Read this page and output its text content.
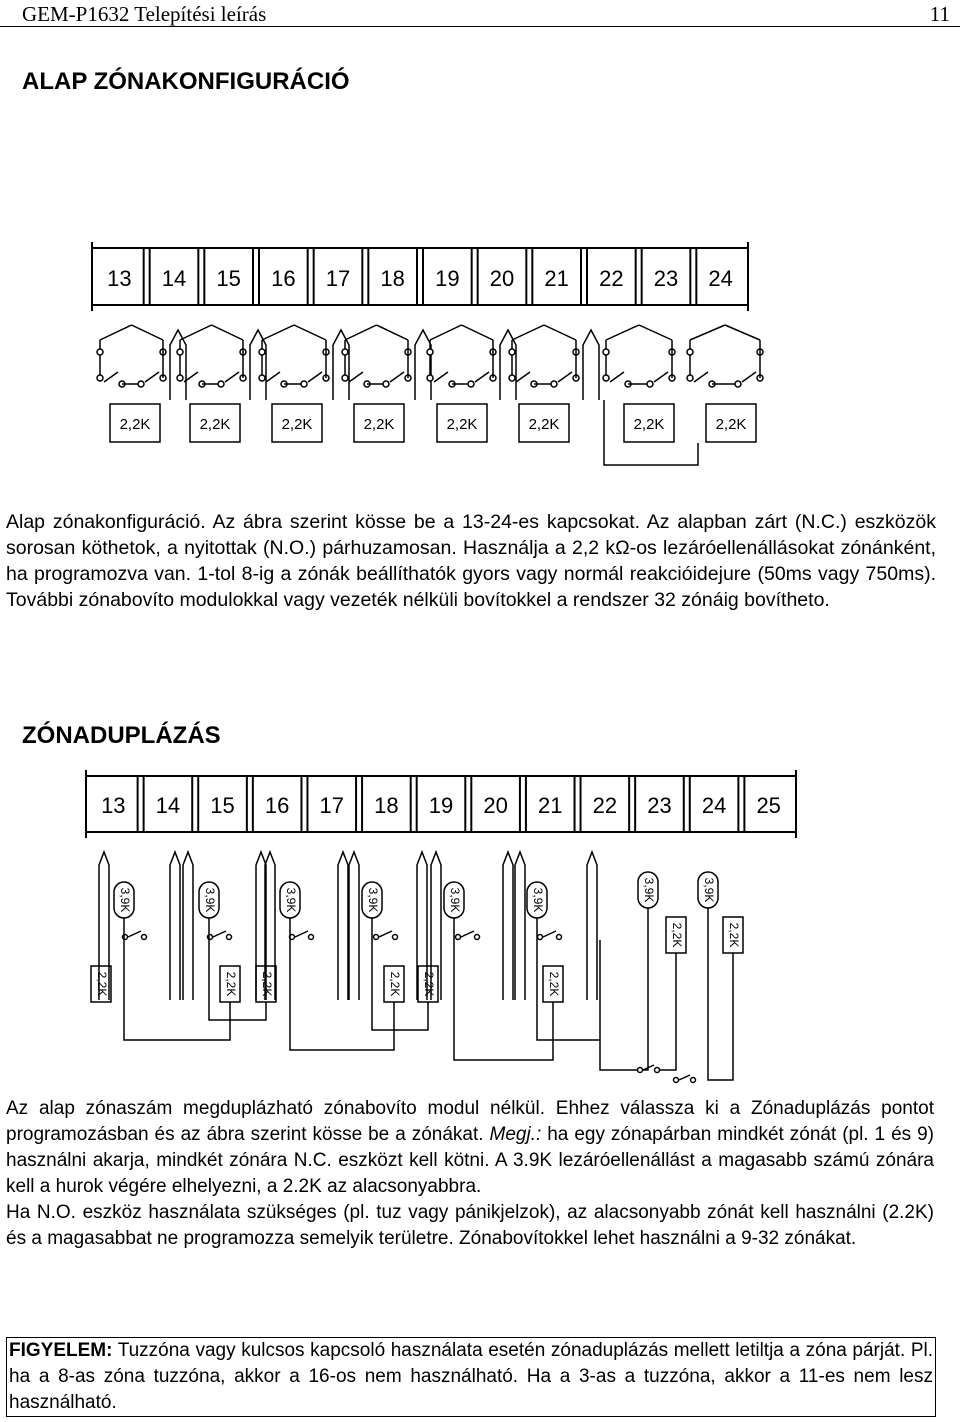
GEM-P1632 Telepítési leírás	11
ALAP ZÓNAKONFIGURÁCIÓ
13 14 15 16 17 18 19 20 21 22 23 24
2,2K	2,2K	2,2K	2,2K	2,2K	2,2K	2,2K	2,2K
Alap zónakonfiguráció. Az ábra szerint kösse be a 13-24-es kapcsokat. Az alapban zárt (N.C.) eszközök sorosan köthetok, a nyitottak (N.O.) párhuzamosan. Használja a 2,2 kΩ-os lezáróellenállásokat zónánként, ha programozva van. 1-tol 8-ig a zónák beállíthatók gyors vagy normál reakcióidejure (50ms vagy 750ms). További zónabovíto modulokkal vagy vezeték nélküli bovítokkel a rendszer 32 zónáig bovítheto.
ZÓNADUPLÁZÁS
13 14 15 16 17 18 19 20 21 22 23 24 25
3,9K	3,9K	3,9K	3,9K	3,9K	3,9K	3,9K	3,9K
2,2K	2,2K 2,2K	2,2K 2,2K	2,2K
2,2K	2,2K

Az alap zónaszám megduplázható zónabovíto modul nélkül. Ehhez válassza ki a Zónaduplázás pontot programozásban és az ábra szerint kösse be a zónákat. Megj.: ha egy zónapárban mindkét zónát (pl. 1 és 9) használni akarja, mindkét zónára N.C. eszközt kell kötni. A 3.9K lezáróellenállást a magasabb számú zónára kell a hurok végére elhelyezni, a 2.2K az alacsonyabbra.

Ha N.O. eszköz használata szükséges (pl. tuz vagy pánikjelzok), az alacsonyabb zónát kell használni (2.2K) és a magasabbat ne programozza semelyik területre. Zónabovítokkel lehet használni a 9-32 zónákat.

FIGYELEM: Tuzzóna vagy kulcsos kapcsoló használata esetén zónaduplázás mellett letiltja a zóna párját. Pl. ha a 8-as zóna tuzzóna, akkor a 16-os nem használható. Ha a 3-as a tuzzóna, akkor a 11-es nem lesz használható.
